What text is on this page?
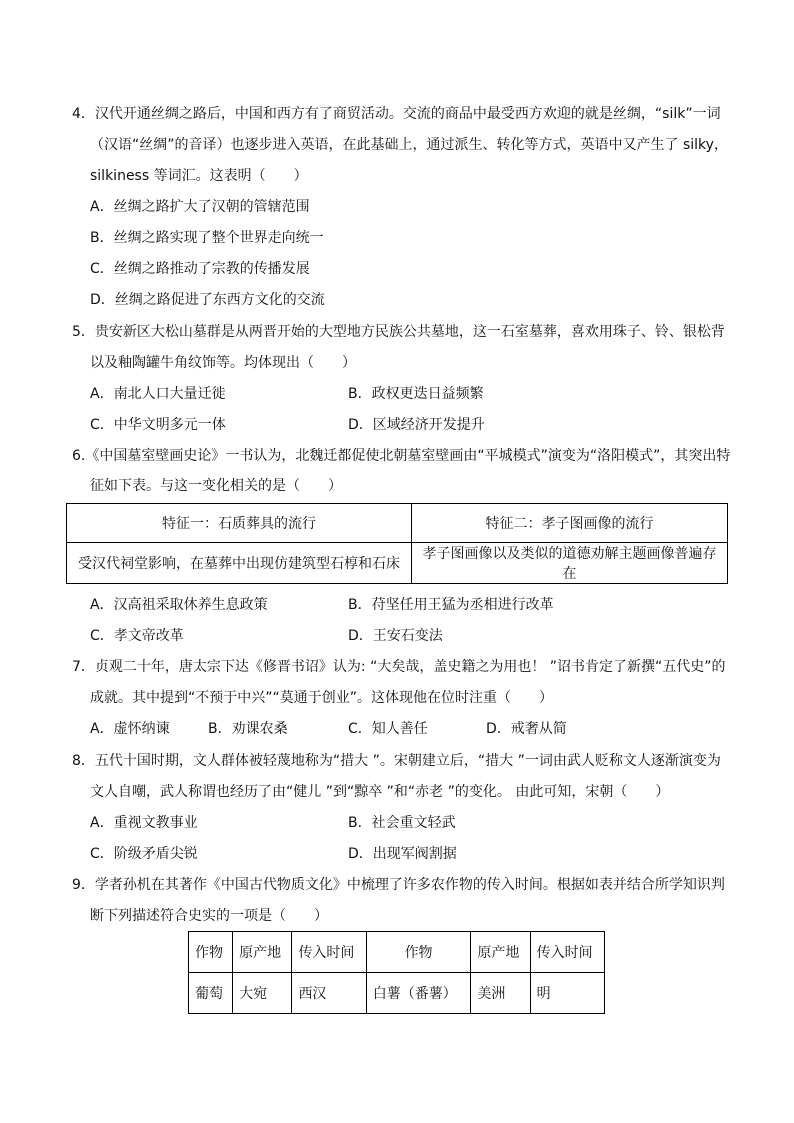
4．汉代开通丝绸之路后，中国和西方有了商贸活动。交流的商品中最受西方欢迎的就是丝绸，“silk”一词
（汉语“丝绸”的音译）也逐步进入英语，在此基础上，通过派生、转化等方式，英语中又产生了 silky，
silkiness 等词汇。这表明（　　）
A．丝绸之路扩大了汉朝的管辖范围
B．丝绸之路实现了整个世界走向统一
C．丝绸之路推动了宗教的传播发展
D．丝绸之路促进了东西方文化的交流
5．贵安新区大松山墓群是从两晋开始的大型地方民族公共墓地，这一石室墓葬，喜欢用珠子、铃、银松背
以及釉陶罐牛角纹饰等。均体现出（　　）
A．南北人口大量迁徙	B．政权更迭日益频繁
C．中华文明多元一体	D．区域经济开发提升
6.《中国墓室壁画史论》一书认为，北魏迁都促使北朝墓室壁画由“平城模式”演变为“洛阳模式”，其突出特
征如下表。与这一变化相关的是（　　）
特征一：石质葬具的流行	特征二：孝子图画像的流行
受汉代祠堂影响，在墓葬中出现仿建筑型石椁和石床	孝子图画像以及类似的道德劝解主题画像普遍存在
A．汉高祖采取休养生息政策	B．苻坚任用王猛为丞相进行改革
C．孝文帝改革	D．王安石变法
7．贞观二十年，唐太宗下达《修晋书诏》认为: “大矣哉，盖史籍之为用也！ ”诏书肯定了新撰“五代史”的
成就。其中提到“不预于中兴”“莫通于创业”。这体现他在位时注重（　　）
A．虚怀纳谏	B．劝课农桑	C．知人善任	D．戒奢从简
8．五代十国时期，文人群体被轻蔑地称为“措大 ”。宋朝建立后，“措大 ”一词由武人贬称文人逐渐演变为
文人自嘲，武人称谓也经历了由“健儿 ”到“黥卒 ”和“赤老 ”的变化。 由此可知，宋朝（　　）
A．重视文教事业	B．社会重文轻武
C．阶级矛盾尖锐	D．出现军阀割据
9．学者孙机在其著作《中国古代物质文化》中梳理了许多农作物的传入时间。根据如表并结合所学知识判
断下列描述符合史实的一项是（　　）
作物	原产地	传入时间	作物	原产地	传入时间
葡萄	大宛	西汉	白薯（番薯）	美洲	明
